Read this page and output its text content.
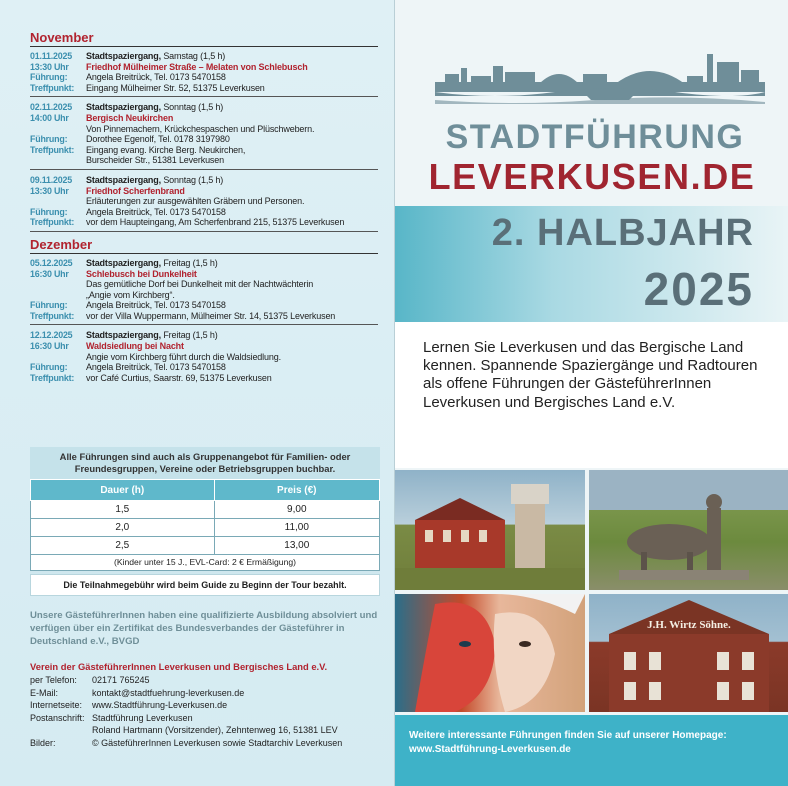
November
01.11.2025	Stadtspaziergang, Samstag (1,5 h)
13:30 Uhr	Friedhof Mülheimer Straße – Melaten von Schlebusch
Führung:	Angela Breitrück, Tel. 0173 5470158
Treffpunkt:	Eingang Mülheimer Str. 52, 51375 Leverkusen
02.11.2025	Stadtspaziergang, Sonntag (1,5 h)
14:00 Uhr	Bergisch Neukirchen
Von Pinnemachern, Krückchespaschen und Plüschwebern.
Führung:	Dorothee Egenolf, Tel. 0178 3197980
Treffpunkt:	Eingang evang. Kirche Berg. Neukirchen,
Burscheider Str., 51381 Leverkusen
09.11.2025	Stadtspaziergang, Sonntag (1,5 h)
13:30 Uhr	Friedhof Scherfenbrand
Erläuterungen zur ausgewählten Gräbern und Personen.
Führung:	Angela Breitrück, Tel. 0173 5470158
Treffpunkt:	vor dem Haupteingang, Am Scherfenbrand 215, 51375 Leverkusen
Dezember
05.12.2025	Stadtspaziergang, Freitag (1,5 h)
16:30 Uhr	Schlebusch bei Dunkelheit
Das gemütliche Dorf bei Dunkelheit mit der Nachtwächterin
„Angie vom Kirchberg“.
Führung:	Angela Breitrück, Tel. 0173 5470158
Treffpunkt:	vor der Villa Wuppermann, Mülheimer Str. 14, 51375 Leverkusen
12.12.2025	Stadtspaziergang, Freitag (1,5 h)
16:30 Uhr	Waldsiedlung bei Nacht
Angie vom Kirchberg führt durch die Waldsiedlung.
Führung:	Angela Breitrück, Tel. 0173 5470158
Treffpunkt:	vor Café Curtius, Saarstr. 69, 51375 Leverkusen
Alle Führungen sind auch als Gruppenangebot für Familien- oder Freundesgruppen, Vereine oder Betriebsgruppen buchbar.
Dauer (h)	Preis (€)
1,5	9,00
2,0	11,00
2,5	13,00
(Kinder unter 15 J., EVL-Card: 2 € Ermäßigung)
Die Teilnahmegebühr wird beim Guide zu Beginn der Tour bezahlt.
Unsere GästeführerInnen haben eine qualifizierte Ausbildung absolviert und verfügen über ein Zertifikat des Bundesverbandes der Gästeführer in Deutschland e.V., BVGD
Verein der GästeführerInnen Leverkusen und Bergisches Land e.V.
per Telefon:	02171 765245
E-Mail:	kontakt@stadtfuehrung-leverkusen.de
Internetseite:	www.Stadtführung-Leverkusen.de
Postanschrift: Stadtführung Leverkusen
Roland Hartmann (Vorsitzender), Zehntenweg 16, 51381 LEV
Bilder:	© GästeführerInnen Leverkusen sowie Stadtarchiv Leverkusen
STADTFÜHRUNG
LEVERKUSEN.DE
2. HALBJAHR
2025
Lernen Sie Leverkusen und das Bergische Land kennen. Spannende Spaziergänge und Radtouren als offene Führungen der GästeführerInnen Leverkusen und Bergisches Land e.V.
J.H. Wirtz Söhne.
Weitere interessante Führungen finden Sie auf unserer Homepage:
www.Stadtführung-Leverkusen.de
